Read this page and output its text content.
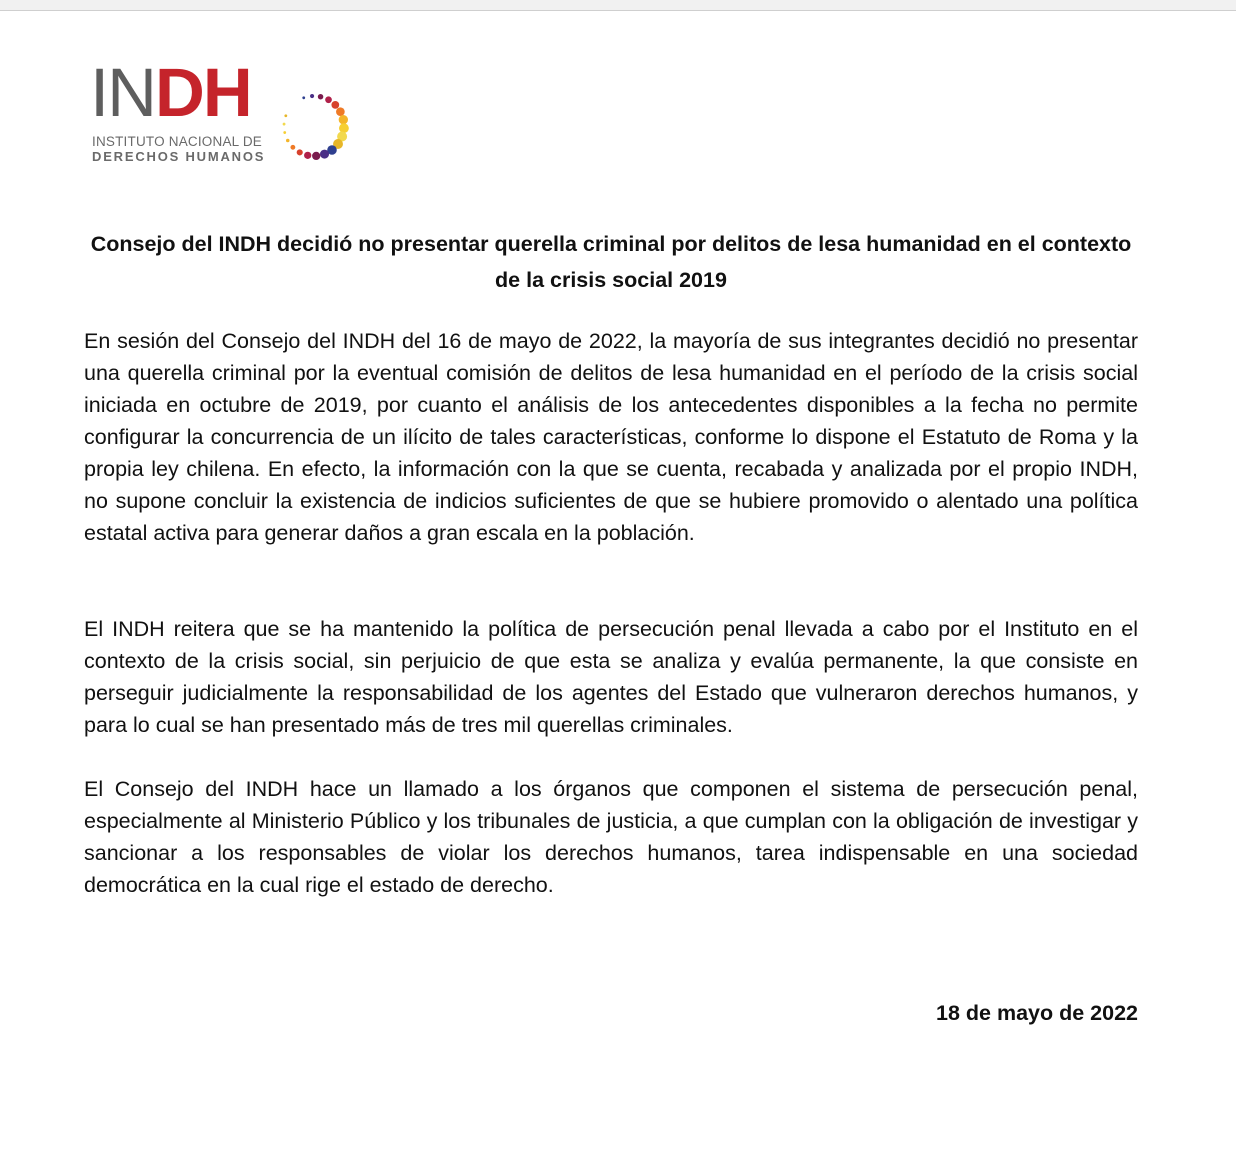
INDH
INSTITUTO NACIONAL DE
DERECHOS HUMANOS
Consejo del INDH decidió no presentar querella criminal por delitos de lesa humanidad en el contexto de la crisis social 2019

En sesión del Consejo del INDH del 16 de mayo de 2022, la mayoría de sus integrantes decidió no presentar una querella criminal por la eventual comisión de delitos de lesa humanidad en el período de la crisis social iniciada en octubre de 2019, por cuanto el análisis de los antecedentes disponibles a la fecha no permite configurar la concurrencia de un ilícito de tales características, conforme lo dispone el Estatuto de Roma y la propia ley chilena. En efecto, la información con la que se cuenta, recabada y analizada por el propio INDH, no supone concluir la existencia de indicios suficientes de que se hubiere promovido o alentado una política estatal activa para generar daños a gran escala en la población.

El INDH reitera que se ha mantenido la política de persecución penal llevada a cabo por el Instituto en el contexto de la crisis social, sin perjuicio de que esta se analiza y evalúa permanente, la que consiste en perseguir judicialmente la responsabilidad de los agentes del Estado que vulneraron derechos humanos, y para lo cual se han presentado más de tres mil querellas criminales.

El Consejo del INDH hace un llamado a los órganos que componen el sistema de persecución penal, especialmente al Ministerio Público y los tribunales de justicia, a que cumplan con la obligación de investigar y sancionar a los responsables de violar los derechos humanos, tarea indispensable en una sociedad democrática en la cual rige el estado de derecho.

18 de mayo de 2022
